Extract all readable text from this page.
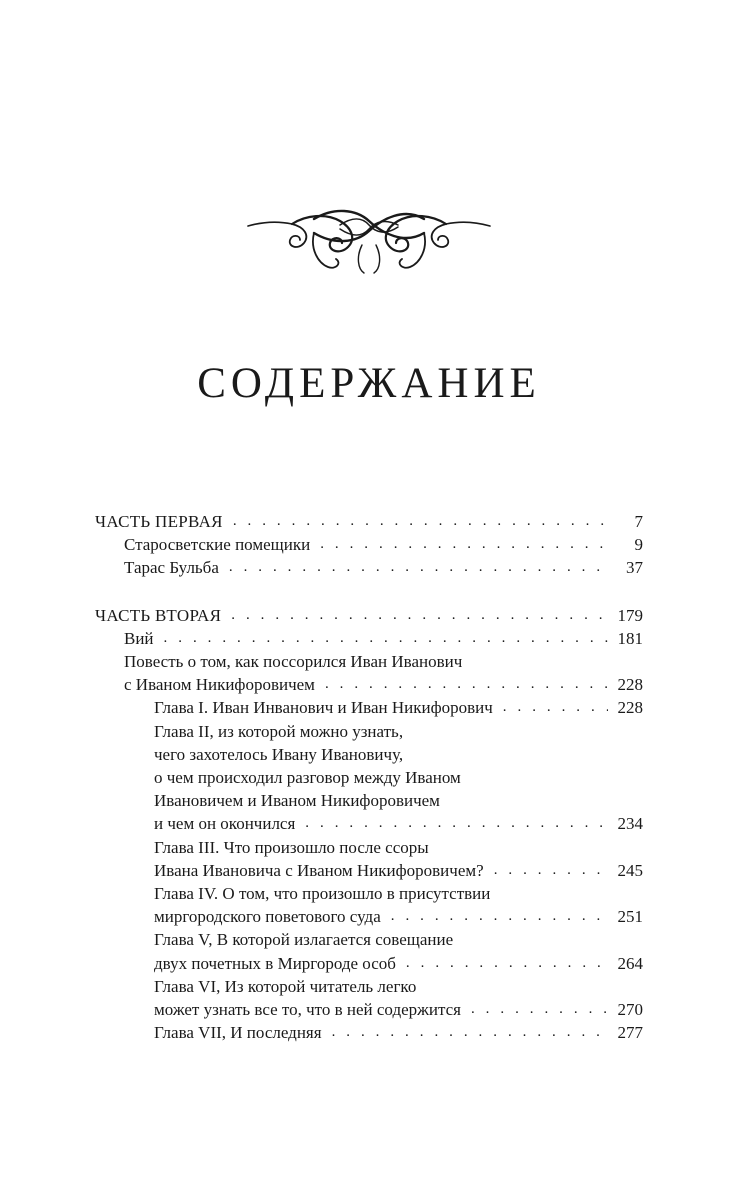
СОДЕРЖАНИЕ
ЧАСТЬ ПЕРВАЯ . . .	7
Старосветские помещики . . .	9
Тарас Бульба . . .	37
ЧАСТЬ ВТОРАЯ . . .	179
Вий . . .	181
Повесть о том, как поссорился Иван Иванович
с Иваном Никифоровичем . . .	228
Глава I. Иван Инванович и Иван Никифорович . . .	228
Глава II, из которой можно узнать,
чего захотелось Ивану Ивановичу,
о чем происходил разговор между Иваном
Ивановичем и Иваном Никифоровичем
и чем он окончился . . .	234
Глава III. Что произошло после ссоры
Ивана Ивановича с Иваном Никифоровичем? . . .	245
Глава IV. О том, что произошло в присутствии
миргородского поветового суда . . .	251
Глава V, В которой излагается совещание
двух почетных в Миргороде особ . . .	264
Глава VI, Из которой читатель легко
может узнать все то, что в ней содержится . . .	270
Глава VII, И последняя . . .	277
